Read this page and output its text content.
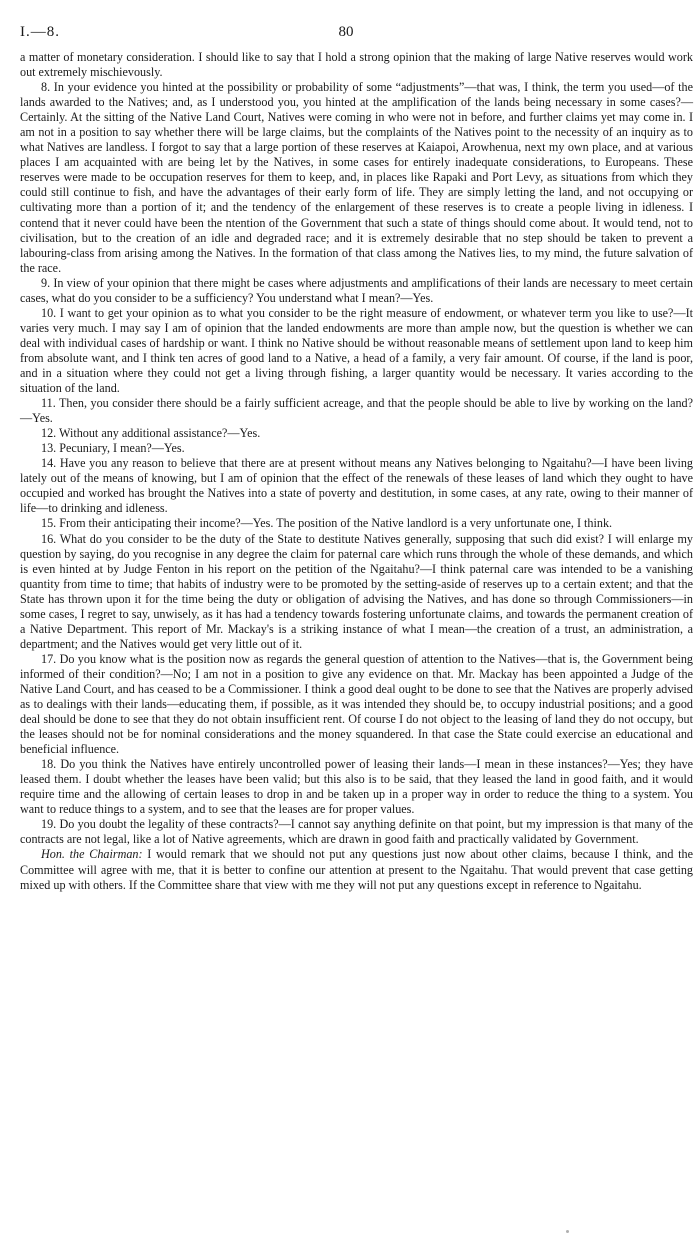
I.—8.	80

a matter of monetary consideration. I should like to say that I hold a strong opinion that the making of large Native reserves would work out extremely mischievously.

8. In your evidence you hinted at the possibility or probability of some “adjustments”—that was, I think, the term you used—of the lands awarded to the Natives; and, as I understood you, you hinted at the amplification of the lands being necessary in some cases?—Certainly. At the sitting of the Native Land Court, Natives were coming in who were not in before, and further claims yet may come in. I am not in a position to say whether there will be large claims, but the complaints of the Natives point to the necessity of an inquiry as to what Natives are landless. I forgot to say that a large portion of these reserves at Kaiapoi, Arowhenua, next my own place, and at various places I am acquainted with are being let by the Natives, in some cases for entirely inadequate considerations, to Europeans. These reserves were made to be occupation reserves for them to keep, and, in places like Rapaki and Port Levy, as situations from which they could still continue to fish, and have the advantages of their early form of life. They are simply letting the land, and not occupying or cultivating more than a portion of it; and the tendency of the enlargement of these reserves is to create a people living in idleness. I contend that it never could have been the ntention of the Government that such a state of things should come about. It would tend, not to civilisation, but to the creation of an idle and degraded race; and it is extremely desirable that no step should be taken to prevent a labouring-class from arising among the Natives. In the formation of that class among the Natives lies, to my mind, the future salvation of the race.

9. In view of your opinion that there might be cases where adjustments and amplifications of their lands are necessary to meet certain cases, what do you consider to be a sufficiency? You understand what I mean?—Yes.

10. I want to get your opinion as to what you consider to be the right measure of endowment, or whatever term you like to use?—It varies very much. I may say I am of opinion that the landed endowments are more than ample now, but the question is whether we can deal with individual cases of hardship or want. I think no Native should be without reasonable means of settlement upon land to keep him from absolute want, and I think ten acres of good land to a Native, a head of a family, a very fair amount. Of course, if the land is poor, and in a situation where they could not get a living through fishing, a larger quantity would be necessary. It varies according to the situation of the land.

11. Then, you consider there should be a fairly sufficient acreage, and that the people should be able to live by working on the land?—Yes.

12. Without any additional assistance?—Yes.

13. Pecuniary, I mean?—Yes.

14. Have you any reason to believe that there are at present without means any Natives belonging to Ngaitahu?—I have been living lately out of the means of knowing, but I am of opinion that the effect of the renewals of these leases of land which they ought to have occupied and worked has brought the Natives into a state of poverty and destitution, in some cases, at any rate, owing to their manner of life—to drinking and idleness.

15. From their anticipating their income?—Yes. The position of the Native landlord is a very unfortunate one, I think.

16. What do you consider to be the duty of the State to destitute Natives generally, supposing that such did exist? I will enlarge my question by saying, do you recognise in any degree the claim for paternal care which runs through the whole of these demands, and which is even hinted at by Judge Fenton in his report on the petition of the Ngaitahu?—I think paternal care was intended to be a vanishing quantity from time to time; that habits of industry were to be promoted by the setting-aside of reserves up to a certain extent; and that the State has thrown upon it for the time being the duty or obligation of advising the Natives, and has done so through Commissioners—in some cases, I regret to say, unwisely, as it has had a tendency towards fostering unfortunate claims, and towards the permanent creation of a Native Department. This report of Mr. Mackay's is a striking instance of what I mean—the creation of a trust, an administration, a department; and the Natives would get very little out of it.

17. Do you know what is the position now as regards the general question of attention to the Natives—that is, the Government being informed of their condition?—No; I am not in a position to give any evidence on that. Mr. Mackay has been appointed a Judge of the Native Land Court, and has ceased to be a Commissioner. I think a good deal ought to be done to see that the Natives are properly advised as to dealings with their lands—educating them, if possible, as it was intended they should be, to occupy industrial positions; and a good deal should be done to see that they do not obtain insufficient rent. Of course I do not object to the leasing of land they do not occupy, but the leases should not be for nominal considerations and the money squandered. In that case the State could exercise an educational and beneficial influence.

18. Do you think the Natives have entirely uncontrolled power of leasing their lands—I mean in these instances?—Yes; they have leased them. I doubt whether the leases have been valid; but this also is to be said, that they leased the land in good faith, and it would require time and the allowing of certain leases to drop in and be taken up in a proper way in order to reduce the thing to a system. You want to reduce things to a system, and to see that the leases are for proper values.

19. Do you doubt the legality of these contracts?—I cannot say anything definite on that point, but my impression is that many of the contracts are not legal, like a lot of Native agreements, which are drawn in good faith and practically validated by Government.

Hon. the Chairman: I would remark that we should not put any questions just now about other claims, because I think, and the Committee will agree with me, that it is better to confine our attention at present to the Ngaitahu. That would prevent that case getting mixed up with others. If the Committee share that view with me they will not put any questions except in reference to Ngaitahu.
